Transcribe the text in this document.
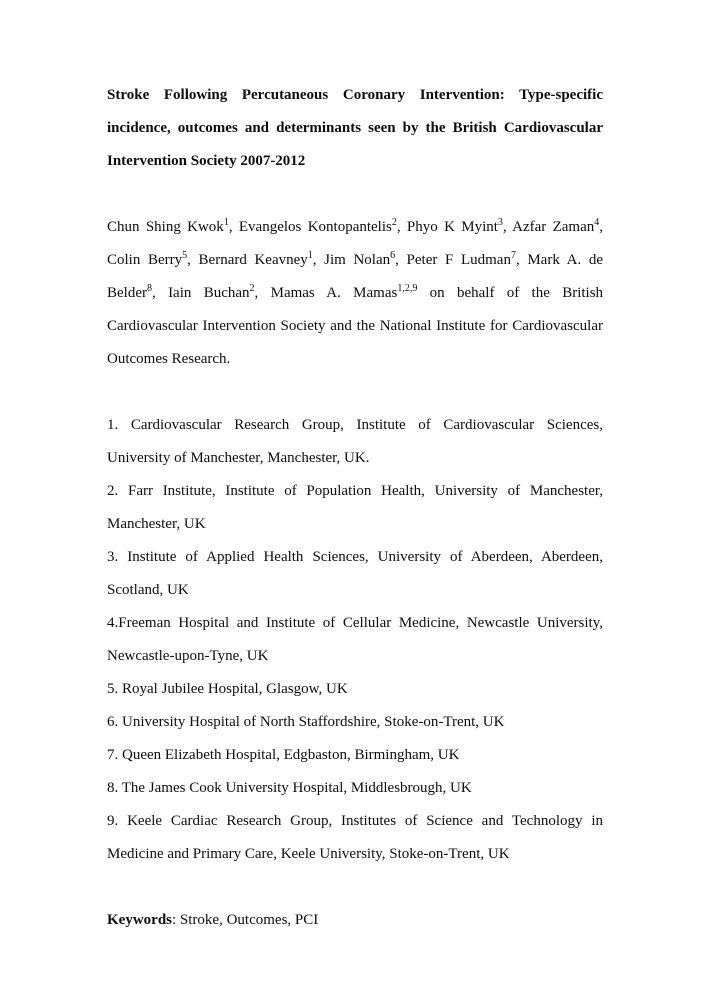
Stroke Following Percutaneous Coronary Intervention: Type-specific incidence, outcomes and determinants seen by the British Cardiovascular Intervention Society 2007-2012

Chun Shing Kwok$^1$, Evangelos Kontopantelis$^2$, Phyo K Myint$^3$, Azfar Zaman$^4$, Colin Berry$^5$, Bernard Keavney$^1$, Jim Nolan$^6$, Peter F Ludman$^7$, Mark A. de Belder$^8$, Iain Buchan$^2$, Mamas A. Mamas$^{1,2,9}$ on behalf of the British Cardiovascular Intervention Society and the National Institute for Cardiovascular Outcomes Research.

1. Cardiovascular Research Group, Institute of Cardiovascular Sciences, University of Manchester, Manchester, UK.

2. Farr Institute, Institute of Population Health, University of Manchester, Manchester, UK

3. Institute of Applied Health Sciences, University of Aberdeen, Aberdeen, Scotland, UK

4.Freeman Hospital and Institute of Cellular Medicine, Newcastle University, Newcastle-upon-Tyne, UK

5. Royal Jubilee Hospital, Glasgow, UK

6. University Hospital of North Staffordshire, Stoke-on-Trent, UK

7. Queen Elizabeth Hospital, Edgbaston, Birmingham, UK

8. The James Cook University Hospital, Middlesbrough, UK

9. Keele Cardiac Research Group, Institutes of Science and Technology in Medicine and Primary Care, Keele University, Stoke-on-Trent, UK

Keywords: Stroke, Outcomes, PCI
